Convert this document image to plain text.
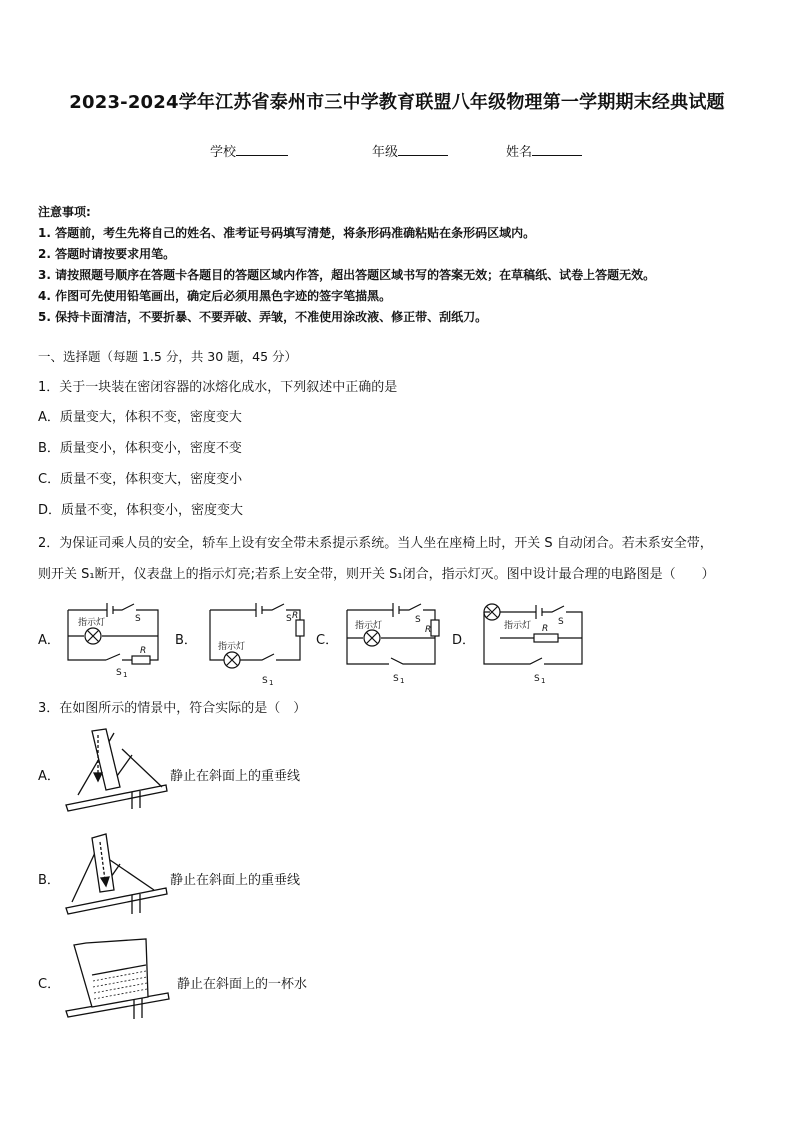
2023-2024学年江苏省泰州市三中学教育联盟八年级物理第一学期期末经典试题
学校	年级	姓名
注意事项:
1. 答题前，考生先将自己的姓名、准考证号码填写清楚，将条形码准确粘贴在条形码区域内。
2. 答题时请按要求用笔。
3. 请按照题号顺序在答题卡各题目的答题区域内作答，超出答题区域书写的答案无效；在草稿纸、试卷上答题无效。
4. 作图可先使用铅笔画出，确定后必须用黑色字迹的签字笔描黑。
5. 保持卡面清洁，不要折暴、不要弄破、弄皱，不准使用涂改液、修正带、刮纸刀。
一、选择题（每题 1.5 分，共 30 题，45 分）
1．关于一块装在密闭容器的冰熔化成水，下列叙述中正确的是
A．质量变大，体积不变，密度变大
B．质量变小，体积变小，密度不变
C．质量不变，体积变大，密度变小
D．质量不变，体积变小，密度变大
2．为保证司乘人员的安全，轿车上设有安全带未系提示系统。当人坐在座椅上时，开关 S 自动闭合。若未系安全带，
则开关 S₁断开，仪表盘上的指示灯亮;若系上安全带，则开关 S₁闭合，指示灯灭。图中设计最合理的电路图是（　　）
A．	B．	C．	D．
指示灯	S
R
S 1
指示灯
S R
S 1
指示灯
S
R
S 1
指示灯	S
R
S 1
3．在如图所示的情景中，符合实际的是（　）
A．	静止在斜面上的重垂线
B．	静止在斜面上的重垂线
C．	静止在斜面上的一杯水
